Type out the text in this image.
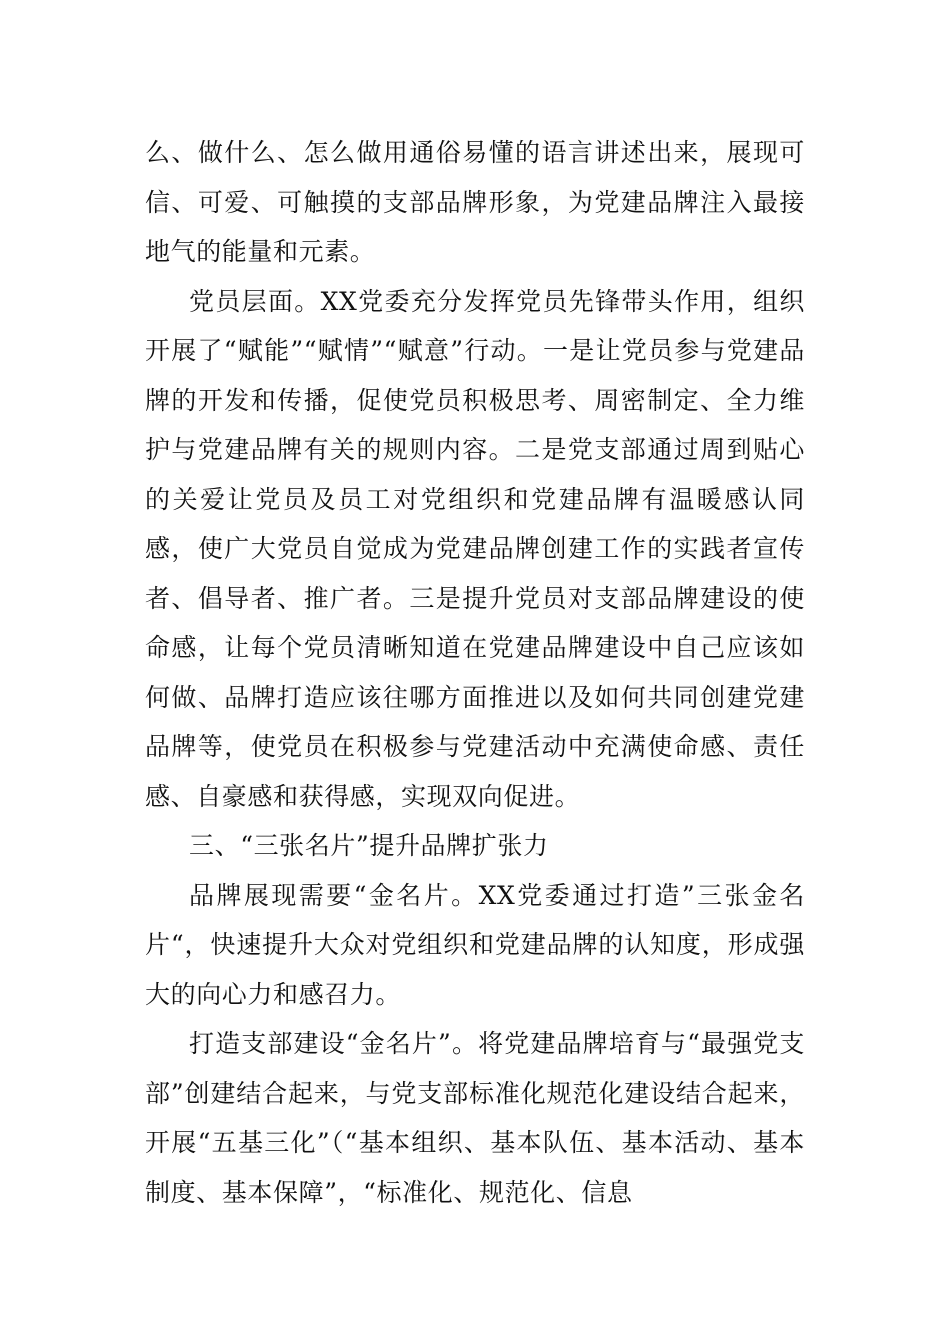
么、做什么、怎么做用通俗易懂的语言讲述出来，展现可信、可爱、可触摸的支部品牌形象，为党建品牌注入最接地气的能量和元素。

党员层面。XX党委充分发挥党员先锋带头作用，组织开展了“赋能”“赋情”“赋意”行动。一是让党员参与党建品牌的开发和传播，促使党员积极思考、周密制定、全力维护与党建品牌有关的规则内容。二是党支部通过周到贴心的关爱让党员及员工对党组织和党建品牌有温暖感认同感，使广大党员自觉成为党建品牌创建工作的实践者宣传者、倡导者、推广者。三是提升党员对支部品牌建设的使命感，让每个党员清晰知道在党建品牌建设中自己应该如何做、品牌打造应该往哪方面推进以及如何共同创建党建品牌等，使党员在积极参与党建活动中充满使命感、责任感、自豪感和获得感，实现双向促进。

三、“三张名片”提升品牌扩张力

品牌展现需要“金名片。XX党委通过打造”三张金名片“，快速提升大众对党组织和党建品牌的认知度，形成强大的向心力和感召力。

打造支部建设“金名片”。将党建品牌培育与“最强党支部”创建结合起来，与党支部标准化规范化建设结合起来，开展“五基三化”（“基本组织、基本队伍、基本活动、基本制度、基本保障”，“标准化、规范化、信息
